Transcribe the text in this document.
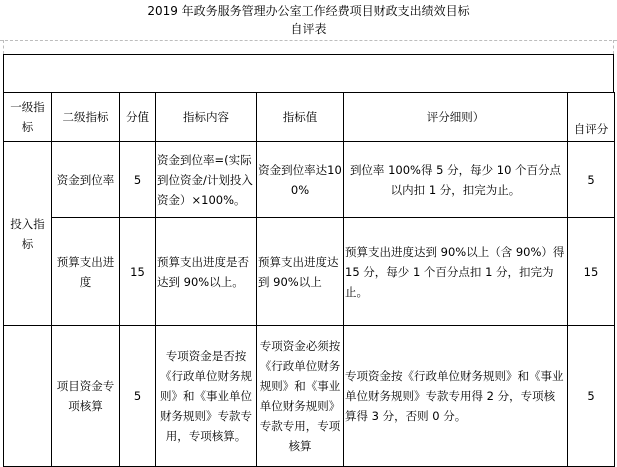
2019 年政务服务管理办公室工作经费项目财政支出绩效目标
自评表
一级指标	二级指标	分值	指标内容	指标值	评分细则）	自评分
投入指标	资金到位率	5	资金到位率=(实际到位资金/计划投入资金）×100%。	资金到位率达100%	到位率 100%得 5 分，每少 10 个百分点以内扣 1 分，扣完为止。	5
	预算支出进度	15	预算支出进度是否达到 90%以上。	预算支出进度达到 90%以上	预算支出进度达到 90%以上（含 90%）得 15 分，每少 1 个百分点扣 1 分，扣完为止。	15
	项目资金专项核算	5	专项资金是否按《行政单位财务规则》和《事业单位财务规则》专款专用，专项核算。	专项资金必须按《行政单位财务规则》和《事业单位财务规则》专款专用，专项核算	专项资金按《行政单位财务规则》和《事业单位财务规则》专款专用得 2 分，专项核算得 3 分，否则 0 分。	5
